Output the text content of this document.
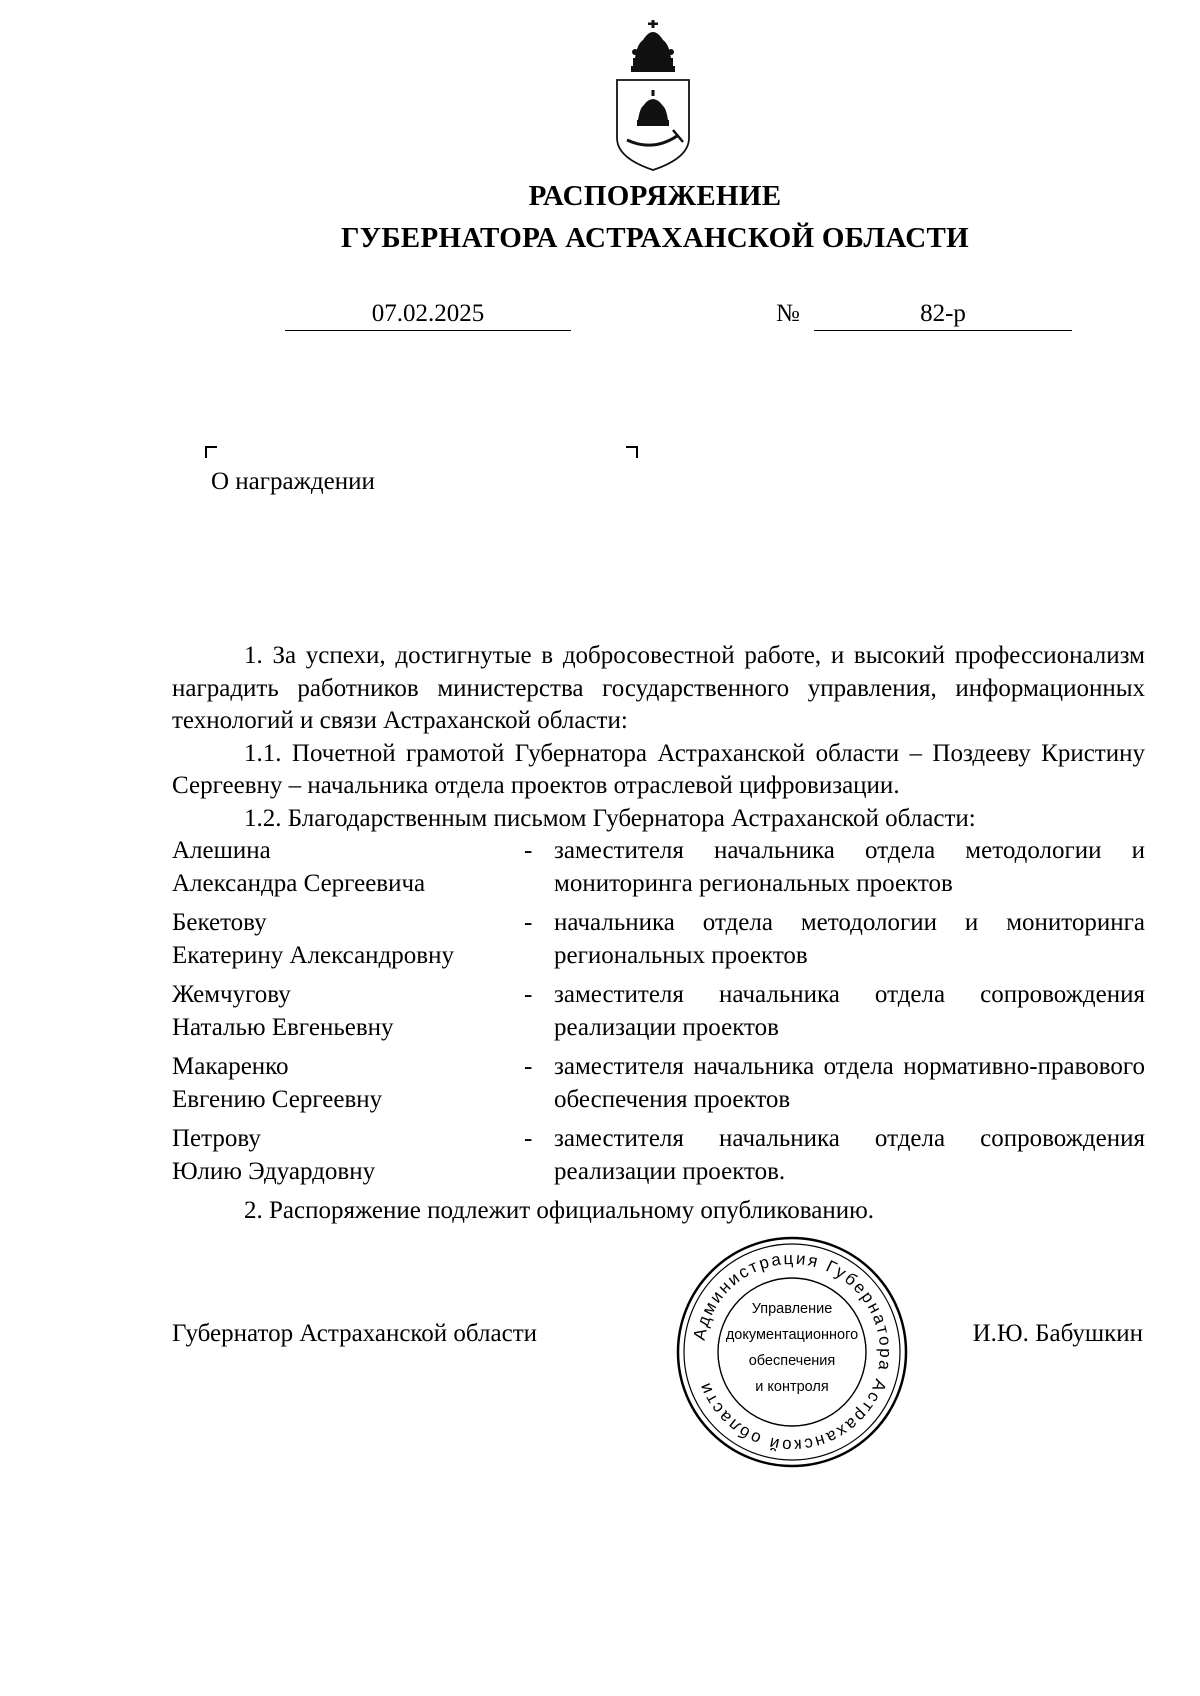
РАСПОРЯЖЕНИЕ
ГУБЕРНАТОРА АСТРАХАНСКОЙ ОБЛАСТИ
07.02.2025	№	82-р
О награждении

1. За успехи, достигнутые в добросовестной работе, и высокий профессионализм наградить работников министерства государственного управления, информационных технологий и связи Астраханской области:

1.1. Почетной грамотой Губернатора Астраханской области – Поздееву Кристину Сергеевну – начальника отдела проектов отраслевой цифровизации.

1.2. Благодарственным письмом Губернатора Астраханской области:

Алешина
Александра Сергеевича
- заместителя начальника отдела методологии и мониторинга региональных проектов
Бекетову
Екатерину Александровну
- начальника отдела методологии и мониторинга региональных проектов
Жемчугову
Наталью Евгеньевну
- заместителя начальника отдела сопровождения реализации проектов
Макаренко
Евгению Сергеевну
- заместителя начальника отдела нормативно-правового обеспечения проектов
Петрову
Юлию Эдуардовну
- заместителя начальника отдела сопровождения реализации проектов.

2. Распоряжение подлежит официальному опубликованию.

Губернатор Астраханской области	И.Ю. Бабушкин
Администрация Губернатора Астраханской области
Управление
документационного
обеспечения
и контроля
